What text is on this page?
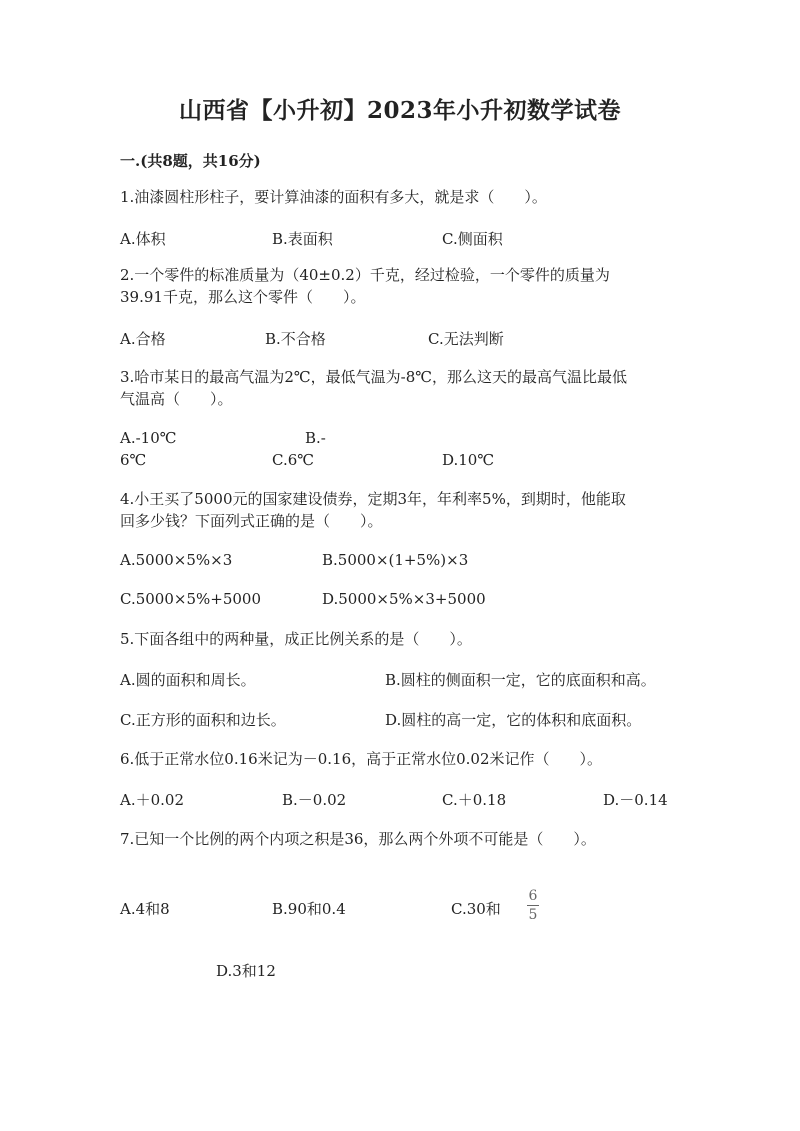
山西省【小升初】2023年小升初数学试卷
一.(共8题，共16分)
1.油漆圆柱形柱子，要计算油漆的面积有多大，就是求（　　）。
A.体积	B.表面积	C.侧面积
2.一个零件的标准质量为（40±0.2）千克，经过检验，一个零件的质量为
39.91千克，那么这个零件（　　）。
A.合格	B.不合格	C.无法判断
3.哈市某日的最高气温为2℃，最低气温为-8℃，那么这天的最高气温比最低
气温高（　　）。
A.-10℃	B.-
6℃	C.6℃	D.10℃
4.小王买了5000元的国家建设债券，定期3年，年利率5%，到期时，他能取
回多少钱？下面列式正确的是（　　）。
A.5000×5%×3	B.5000×(1+5%)×3
C.5000×5%+5000	D.5000×5%×3+5000
5.下面各组中的两种量，成正比例关系的是（　　）。
A.圆的面积和周长。	B.圆柱的侧面积一定，它的底面积和高。
C.正方形的面积和边长。	D.圆柱的高一定，它的体积和底面积。
6.低于正常水位0.16米记为－0.16，高于正常水位0.02米记作（　　）。
A.＋0.02	B.－0.02	C.＋0.18	D.－0.14
7.已知一个比例的两个内项之积是36，那么两个外项不可能是（　　）。
A.4和8	B.90和0.4	C.30和
6
5
D.3和12
